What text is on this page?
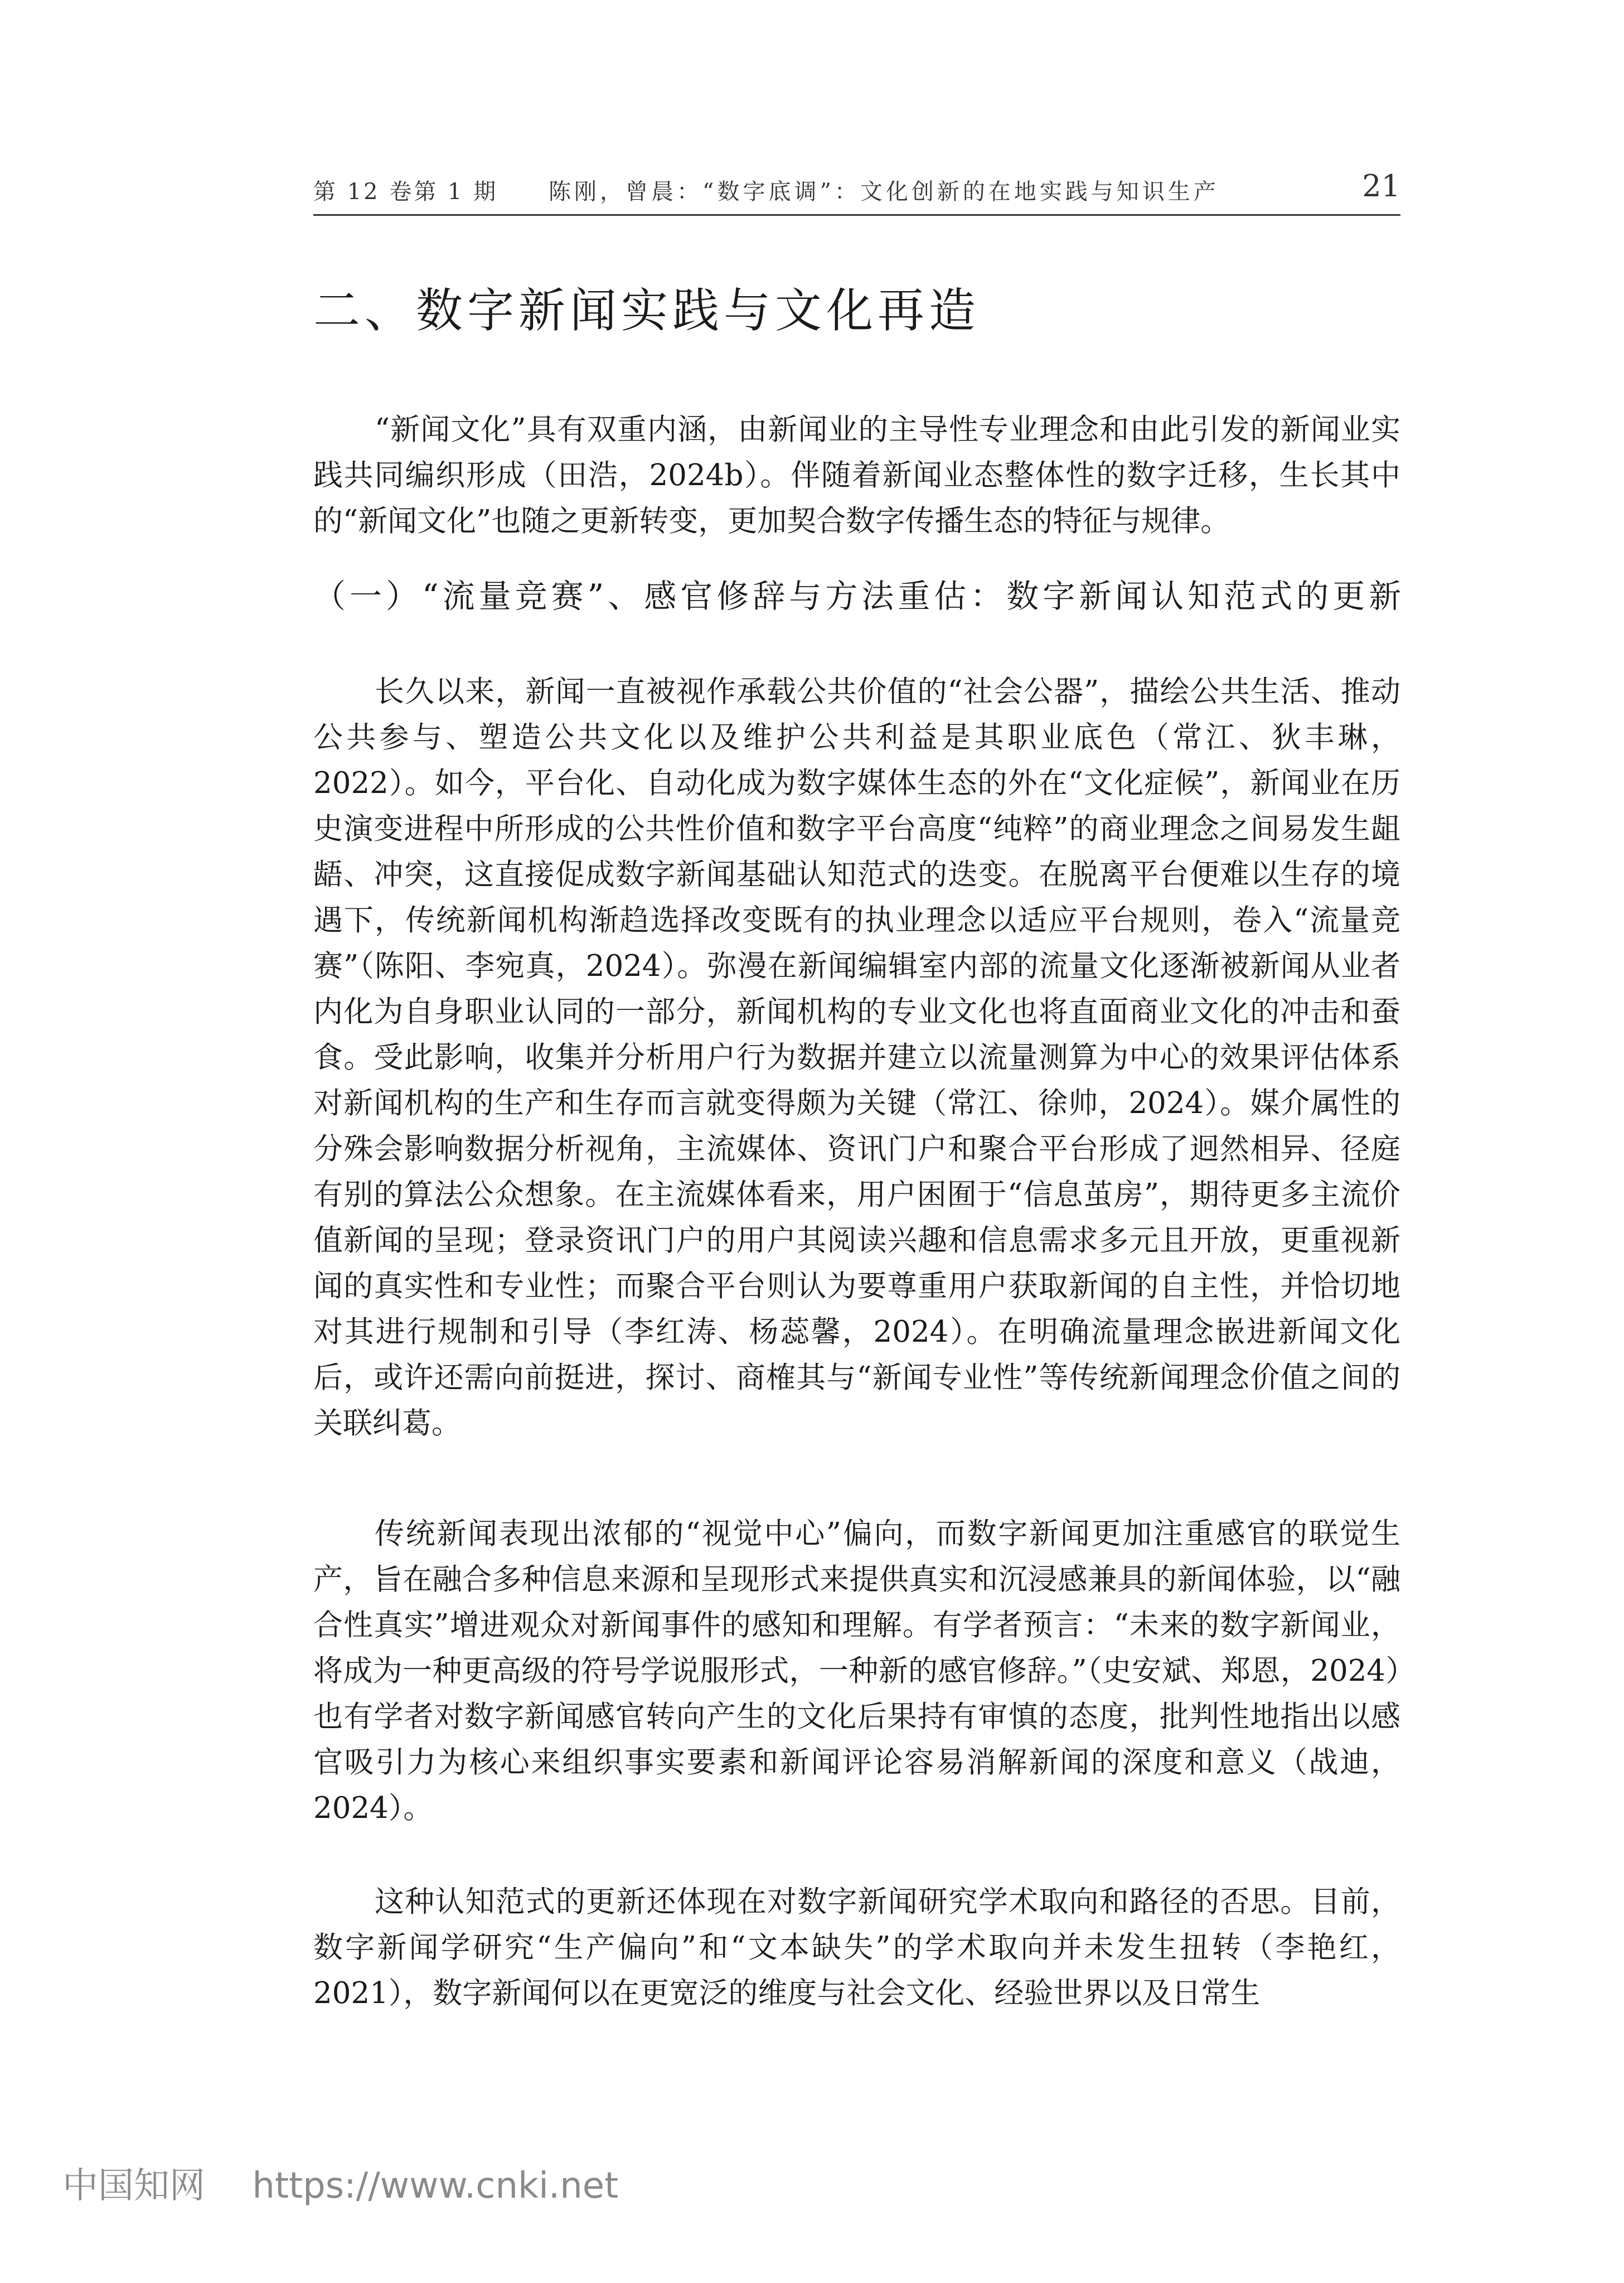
第 12 卷第 1 期 陈刚，曾晨：“数字底调”：文化创新的在地实践与知识生产	21
二、数字新闻实践与文化再造

“新闻文化”具有双重内涵，由新闻业的主导性专业理念和由此引发的新闻业实践共同编织形成（田浩，2024b）。伴随着新闻业态整体性的数字迁移，生长其中的“新闻文化”也随之更新转变，更加契合数字传播生态的特征与规律。

（一）“流量竞赛”、感官修辞与方法重估：数字新闻认知范式的更新

长久以来，新闻一直被视作承载公共价值的“社会公器”，描绘公共生活、推动公共参与、塑造公共文化以及维护公共利益是其职业底色（常江、狄丰琳，2022）。如今，平台化、自动化成为数字媒体生态的外在“文化症候”，新闻业在历史演变进程中所形成的公共性价值和数字平台高度“纯粹”的商业理念之间易发生龃龉、冲突，这直接促成数字新闻基础认知范式的迭变。在脱离平台便难以生存的境遇下，传统新闻机构渐趋选择改变既有的执业理念以适应平台规则，卷入“流量竞赛”（陈阳、李宛真，2024）。弥漫在新闻编辑室内部的流量文化逐渐被新闻从业者内化为自身职业认同的一部分，新闻机构的专业文化也将直面商业文化的冲击和蚕食。受此影响，收集并分析用户行为数据并建立以流量测算为中心的效果评估体系对新闻机构的生产和生存而言就变得颇为关键（常江、徐帅，2024）。媒介属性的分殊会影响数据分析视角，主流媒体、资讯门户和聚合平台形成了迥然相异、径庭有别的算法公众想象。在主流媒体看来，用户困囿于“信息茧房”，期待更多主流价值新闻的呈现；登录资讯门户的用户其阅读兴趣和信息需求多元且开放，更重视新闻的真实性和专业性；而聚合平台则认为要尊重用户获取新闻的自主性，并恰切地对其进行规制和引导（李红涛、杨蕊馨，2024）。在明确流量理念嵌进新闻文化后，或许还需向前挺进，探讨、商榷其与“新闻专业性”等传统新闻理念价值之间的关联纠葛。

传统新闻表现出浓郁的“视觉中心”偏向，而数字新闻更加注重感官的联觉生产，旨在融合多种信息来源和呈现形式来提供真实和沉浸感兼具的新闻体验，以“融合性真实”增进观众对新闻事件的感知和理解。有学者预言：“未来的数字新闻业，将成为一种更高级的符号学说服形式，一种新的感官修辞。”（史安斌、郑恩，2024）也有学者对数字新闻感官转向产生的文化后果持有审慎的态度，批判性地指出以感官吸引力为核心来组织事实要素和新闻评论容易消解新闻的深度和意义（战迪，2024）。

这种认知范式的更新还体现在对数字新闻研究学术取向和路径的否思。目前，数字新闻学研究“生产偏向”和“文本缺失”的学术取向并未发生扭转（李艳红，2021），数字新闻何以在更宽泛的维度与社会文化、经验世界以及日常生

中国知网 https://www.cnki.net
